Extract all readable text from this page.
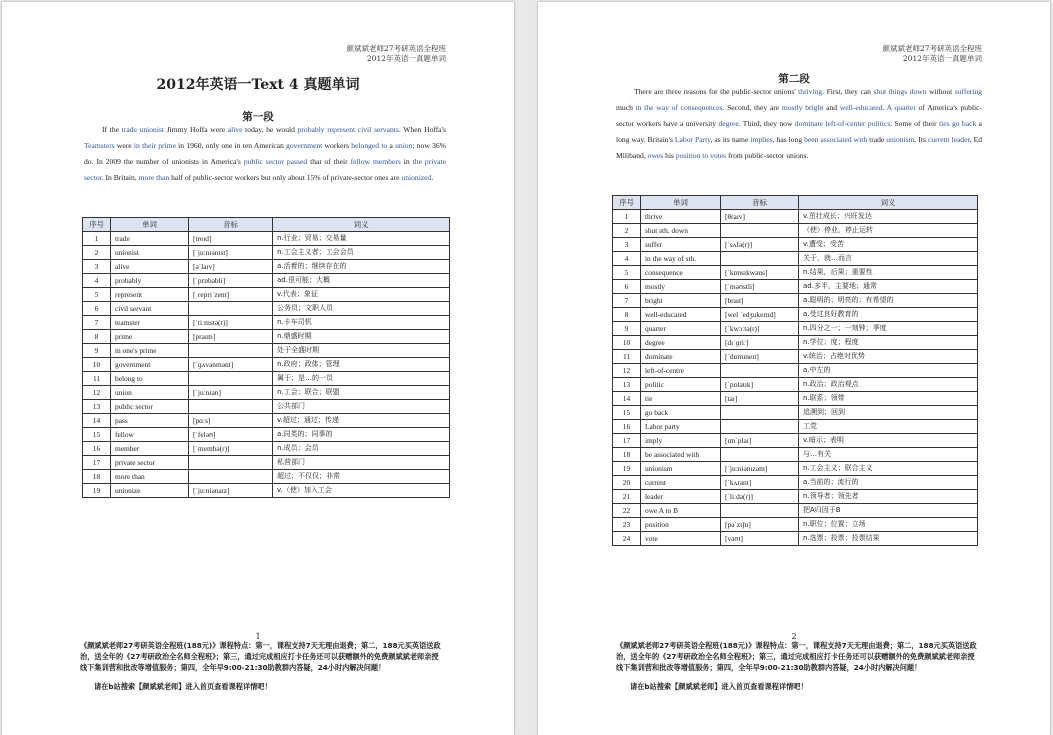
颜斌斌老师27考研英语全程班
2012年英语一真题单词
2012年英语一Text 4 真题单词
第一段

If the trade unionist Jimmy Hoffa were alive today, he would probably represent civil servants. When Hoffa's Teamsters were in their prime in 1960, only one in ten American government workers belonged to a union; now 36% do. In 2009 the number of unionists in America's public sector passed that of their fellow members in the private sector. In Britain, more than half of public-sector workers but only about 15% of private-sector ones are unionized.

序号	单词	音标	词义
1	trade	[treɪd]	n.行业；贸易；交易量
2	unionist	[ˈjuːnɪənɪst]	n.工会主义者；工会会员
3	alive	[əˈlaɪv]	a.活着的；继续存在的
4	probably	[ˈprɒbəbli]	ad.很可能；大概
5	represent	[ˌrepriˈzent]	v.代表；象征
6	civil servant		公务员；文职人员
7	teamster	[ˈtiːmstə(r)]	n.卡车司机
8	prime	[praɪm]	n.鼎盛时期
9	in one's prime		处于全盛时期
10	government	[ˈɡʌvənmənt]	n.政府；政体；管理
11	belong to		属于；是…的一员
12	union	[ˈjuːniən]	n.工会；联合；联盟
13	public sector		公共部门
14	pass	[pɑːs]	v.超过；通过；传递
15	fellow	[ˈfeləʊ]	a.同类的；同事的
16	member	[ˈmembə(r)]	n.成员；会员
17	private sector		私营部门
18	more than		超过；不仅仅；非常
19	unionize	[ˈjuːniənaɪz]	v.（使）加入工会
1
《颜斌斌老师27考研英语全程班(188元)》课程特点：第一，课程支持7天无理由退费；第二，188元买英语送政治，送全年的《27考研政治全名师全程班》；第三，通过完成相应打卡任务还可以获赠额外的免费颜斌斌老师亲授线下集训营和批改等增值服务；第四，全年早9:00-21:30助教群内答疑，24小时内解决问题！
请在b站搜索【颜斌斌老师】进入首页查看课程详情吧！
颜斌斌老师27考研英语全程班
2012年英语一真题单词
第二段

There are three reasons for the public-sector unions' thriving. First, they can shut things down without suffering much in the way of consequences. Second, they are mostly bright and well-educated. A quarter of America's public-sector workers have a university degree. Third, they now dominate left-of-center politics. Some of their ties go back a long way. Britain's Labor Party, as its name implies, has long been associated with trade unionism. Its current leader, Ed Miliband, owes his position to votes from public-sector unions.

序号	单词	音标	词义
1	thrive	[θraɪv]	v.茁壮成长；兴旺发达
2	shut sth. down		（使）停业，停止运转
3	suffer	[ˈsʌfə(r)]	v.遭受；受苦
4	in the way of sth.		关于，就…而言
5	consequence	[ˈkɒnsɪkwəns]	n.结果，后果；重要性
6	mostly	[ˈməʊstli]	ad.多半，主要地；通常
7	bright	[braɪt]	a.聪明的；明亮的；有希望的
8	well-educated	[wel ˈedʒukeɪtɪd]	a.受过良好教育的
9	quarter	[ˈkwɔːtə(r)]	n.四分之一；一刻钟；季度
10	degree	[dɪˈɡriː]	n.学位；度；程度
11	dominate	[ˈdɒmɪneɪt]	v.统治；占绝对优势
12	left-of-centre		a.中左的
13	politic	[ˈpɒlətɪk]	n.政治；政治观点
14	tie	[taɪ]	n.联系；领带
15	go back		追溯到；回到
16	Labor party		工党
17	imply	[ɪmˈplaɪ]	v.暗示；表明
18	be associated with		与…有关
19	unionism	[ˈjuːniənɪzəm]	n.工会主义；联合主义
20	current	[ˈkʌrənt]	a.当前的；流行的
21	leader	[ˈliːdə(r)]	n.领导者；领先者
22	owe A to B		把A归因于B
23	position	[pəˈzɪʃn]	n.职位；位置；立场
24	vote	[vəʊt]	n.选票；投票；投票结果
2
《颜斌斌老师27考研英语全程班(188元)》课程特点：第一，课程支持7天无理由退费；第二，188元买英语送政治，送全年的《27考研政治全名师全程班》；第三，通过完成相应打卡任务还可以获赠额外的免费颜斌斌老师亲授线下集训营和批改等增值服务；第四，全年早9:00-21:30助教群内答疑，24小时内解决问题！
请在b站搜索【颜斌斌老师】进入首页查看课程详情吧！
